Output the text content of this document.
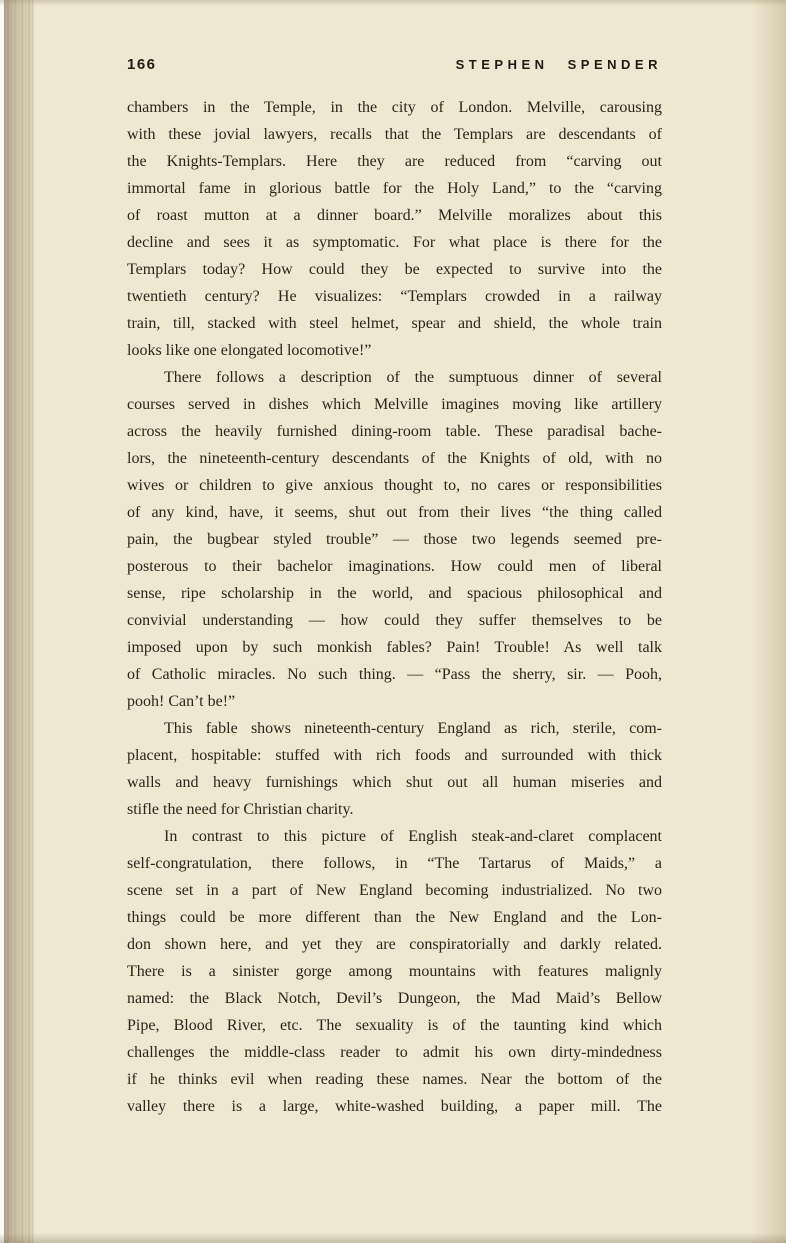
166	STEPHEN SPENDER
chambers in the Temple, in the city of London. Melville, carousing
with these jovial lawyers, recalls that the Templars are descendants of
the Knights-Templars. Here they are reduced from “carving out
immortal fame in glorious battle for the Holy Land,” to the “carving
of roast mutton at a dinner board.” Melville moralizes about this
decline and sees it as symptomatic. For what place is there for the
Templars today? How could they be expected to survive into the
twentieth century? He visualizes: “Templars crowded in a railway
train, till, stacked with steel helmet, spear and shield, the whole train
looks like one elongated locomotive!”
There follows a description of the sumptuous dinner of several
courses served in dishes which Melville imagines moving like artillery
across the heavily furnished dining-room table. These paradisal bache-
lors, the nineteenth-century descendants of the Knights of old, with no
wives or children to give anxious thought to, no cares or responsibilities
of any kind, have, it seems, shut out from their lives “the thing called
pain, the bugbear styled trouble” — those two legends seemed pre-
posterous to their bachelor imaginations. How could men of liberal
sense, ripe scholarship in the world, and spacious philosophical and
convivial understanding — how could they suffer themselves to be
imposed upon by such monkish fables? Pain! Trouble! As well talk
of Catholic miracles. No such thing. — “Pass the sherry, sir. — Pooh,
pooh! Can’t be!”
This fable shows nineteenth-century England as rich, sterile, com-
placent, hospitable: stuffed with rich foods and surrounded with thick
walls and heavy furnishings which shut out all human miseries and
stifle the need for Christian charity.
In contrast to this picture of English steak-and-claret complacent
self-congratulation, there follows, in “The Tartarus of Maids,” a
scene set in a part of New England becoming industrialized. No two
things could be more different than the New England and the Lon-
don shown here, and yet they are conspiratorially and darkly related.
There is a sinister gorge among mountains with features malignly
named: the Black Notch, Devil’s Dungeon, the Mad Maid’s Bellow
Pipe, Blood River, etc. The sexuality is of the taunting kind which
challenges the middle-class reader to admit his own dirty-mindedness
if he thinks evil when reading these names. Near the bottom of the
valley there is a large, white-washed building, a paper mill. The
